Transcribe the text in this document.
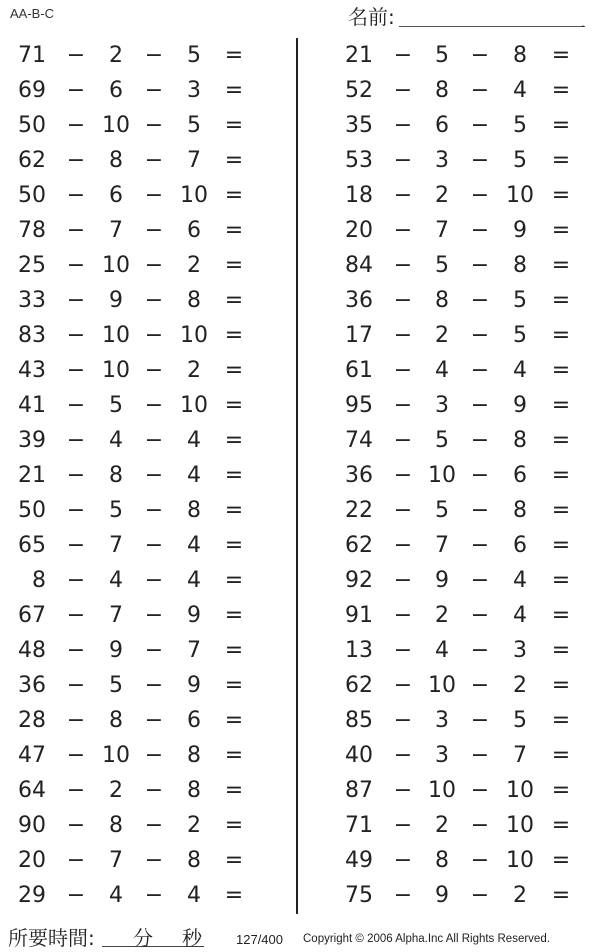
AA-B-C	名前:	.
71 −	2 −	5	=
69 −	6 −	3	=
50 − 10 −	5	=
62 −	8 −	7	=
50 −	6 − 10 =
78 −	7 −	6	=
25 − 10 −	2	=
33 −	9 −	8	=
83 − 10 − 10 =
43 − 10 −	2	=
41 −	5 − 10 =
39 −	4 −	4	=
21 −	8 −	4	=
50 −	5 −	8	=
65 −	7 −	4	=
8 −	4 −	4	=
67 −	7 −	9	=
48 −	9 −	7	=
36 −	5 −	9	=
28 −	8 −	6	=
47 − 10 −	8	=
64 −	2 −	8	=
90 −	8 −	2	=
20 −	7 −	8	=
29 −	4 −	4	=
21 −	5 −	8	=
52 −	8 −	4	=
35 −	6 −	5	=
53 −	3 −	5	=
18 −	2 − 10 =
20 −	7 −	9	=
84 −	5 −	8	=
36 −	8 −	5	=
17 −	2 −	5	=
61 −	4 −	4	=
95 −	3 −	9	=
74 −	5 −	8	=
36 − 10 −	6	=
22 −	5 −	8	=
62 −	7 −	6	=
92 −	9 −	4	=
91 −	2 −	4	=
13 −	4 −	3	=
62 − 10 −	2	=
85 −	3 −	5	=
40 −	3 −	7	=
87 − 10 − 10 =
71 −	2 − 10 =
49 −	8 − 10 =
75 −	9 −	2	=
所要時間: 分 秒	127/400 Copyright © 2006 Alpha.Inc All Rights Reserved.
